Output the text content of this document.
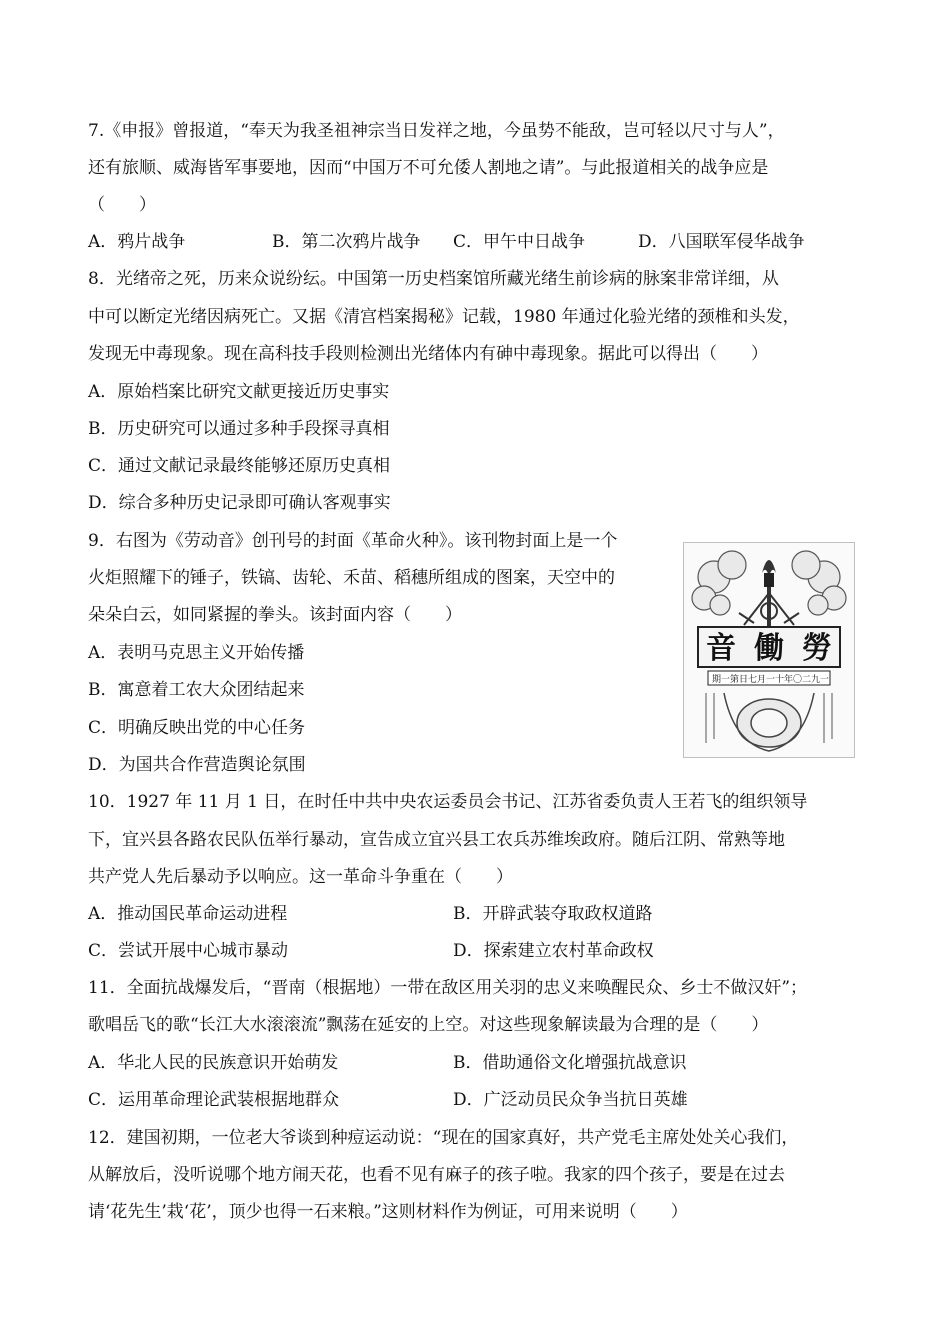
7.《申报》曾报道，“奉天为我圣祖神宗当日发祥之地，今虽势不能敌，岂可轻以尺寸与人”，
还有旅顺、威海皆军事要地，因而“中国万不可允倭人割地之请”。与此报道相关的战争应是
（　　）
A．鸦片战争	B．第二次鸦片战争 C．甲午中日战争	D．八国联军侵华战争
8．光绪帝之死，历来众说纷纭。中国第一历史档案馆所藏光绪生前诊病的脉案非常详细，从
中可以断定光绪因病死亡。又据《清宫档案揭秘》记载，1980 年通过化验光绪的颈椎和头发，
发现无中毒现象。现在高科技手段则检测出光绪体内有砷中毒现象。据此可以得出（　　）
A．原始档案比研究文献更接近历史事实
B．历史研究可以通过多种手段探寻真相
C．通过文献记录最终能够还原历史真相
D．综合多种历史记录即可确认客观事实
9．右图为《劳动音》创刊号的封面《革命火种》。该刊物封面上是一个
火炬照耀下的锤子，铁镐、齿轮、禾苗、稻穗所组成的图案，天空中的
朵朵白云，如同紧握的拳头。该封面内容（　　）
A．表明马克思主义开始传播
B．寓意着工农大众团结起来
C．明确反映出党的中心任务
D．为国共合作营造舆论氛围
音 働 勞
期一第日七月一十年〇二九一
10．1927 年 11 月 1 日，在时任中共中央农运委员会书记、江苏省委负责人王若飞的组织领导
下，宜兴县各路农民队伍举行暴动，宣告成立宜兴县工农兵苏维埃政府。随后江阴、常熟等地
共产党人先后暴动予以响应。这一革命斗争重在（　　）
A．推动国民革命运动进程	B．开辟武装夺取政权道路
C．尝试开展中心城市暴动	D．探索建立农村革命政权
11．全面抗战爆发后，“晋南（根据地）一带在敌区用关羽的忠义来唤醒民众、乡士不做汉奸”；
歌唱岳飞的歌“长江大水滚滚流”飘荡在延安的上空。对这些现象解读最为合理的是（　　）
A．华北人民的民族意识开始萌发	B．借助通俗文化增强抗战意识
C．运用革命理论武装根据地群众	D．广泛动员民众争当抗日英雄
12．建国初期，一位老大爷谈到种痘运动说：“现在的国家真好，共产党毛主席处处关心我们，
从解放后，没听说哪个地方闹天花，也看不见有麻子的孩子啦。我家的四个孩子，要是在过去
请‘花先生’栽‘花’，顶少也得一石来粮。”这则材料作为例证，可用来说明（　　）
